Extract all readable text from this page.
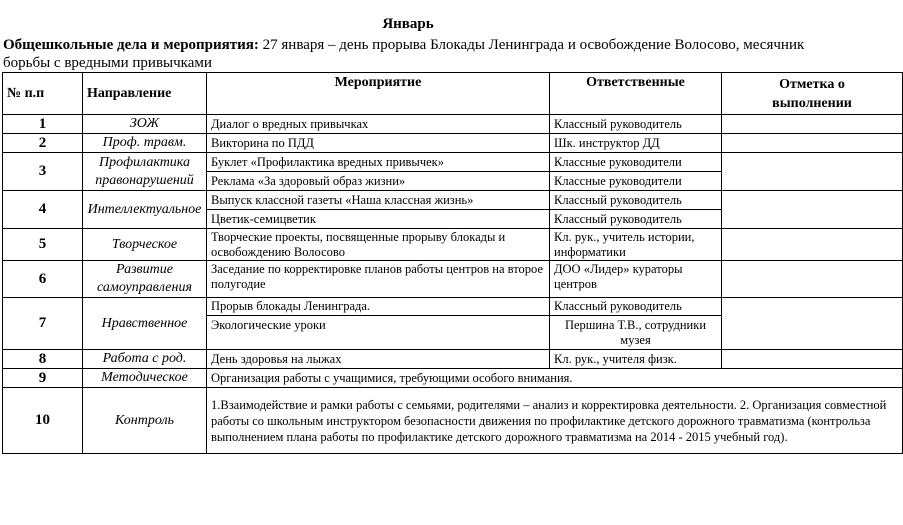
Январь
Общешкольные дела и мероприятия: 27 января – день прорыва Блокады Ленинграда и освобождение Волосово, месячник борьбы с вредными привычками
№ п.п	Направление	Мероприятие	Ответственные	Отметка о
выполнении
1	ЗОЖ	Диалог о вредных привычках	Классный руководитель	
2	Проф. травм.	Викторина по ПДД	Шк. инструктор ДД	
3	Профилактика правонарушений	Буклет «Профилактика вредных привычек»	Классные руководители	
		Реклама «За здоровый образ жизни»	Классные руководители	
4	Интеллектуальное	Выпуск классной газеты «Наша классная жизнь»	Классный руководитель	
		Цветик-семицветик	Классный руководитель	
5	Творческое	Творческие проекты, посвященные прорыву блокады и освобождению Волосово	Кл. рук., учитель истории, информатики	
6	Развитие самоуправления	Заседание по корректировке планов работы центров на второе полугодие	ДОО «Лидер» кураторы центров	
7	Нравственное	Прорыв блокады Ленинграда.	Классный руководитель	
		Экологические уроки	Першина Т.В., сотрудники музея	
8	Работа с род.	День здоровья на лыжах	Кл. рук., учителя физк.	
9	Методическое	Организация работы с учащимися, требующими особого внимания.		
10	Контроль	1.Взаимодействие и рамки работы с семьями, родителями – анализ и корректировка деятельности. 2. Организация совместной работы со школьным инструктором безопасности движения по профилактике детского дорожного травматизма (контрольза выполнением плана работы по профилактике детского дорожного травматизма на 2014 - 2015 учебный год).		
